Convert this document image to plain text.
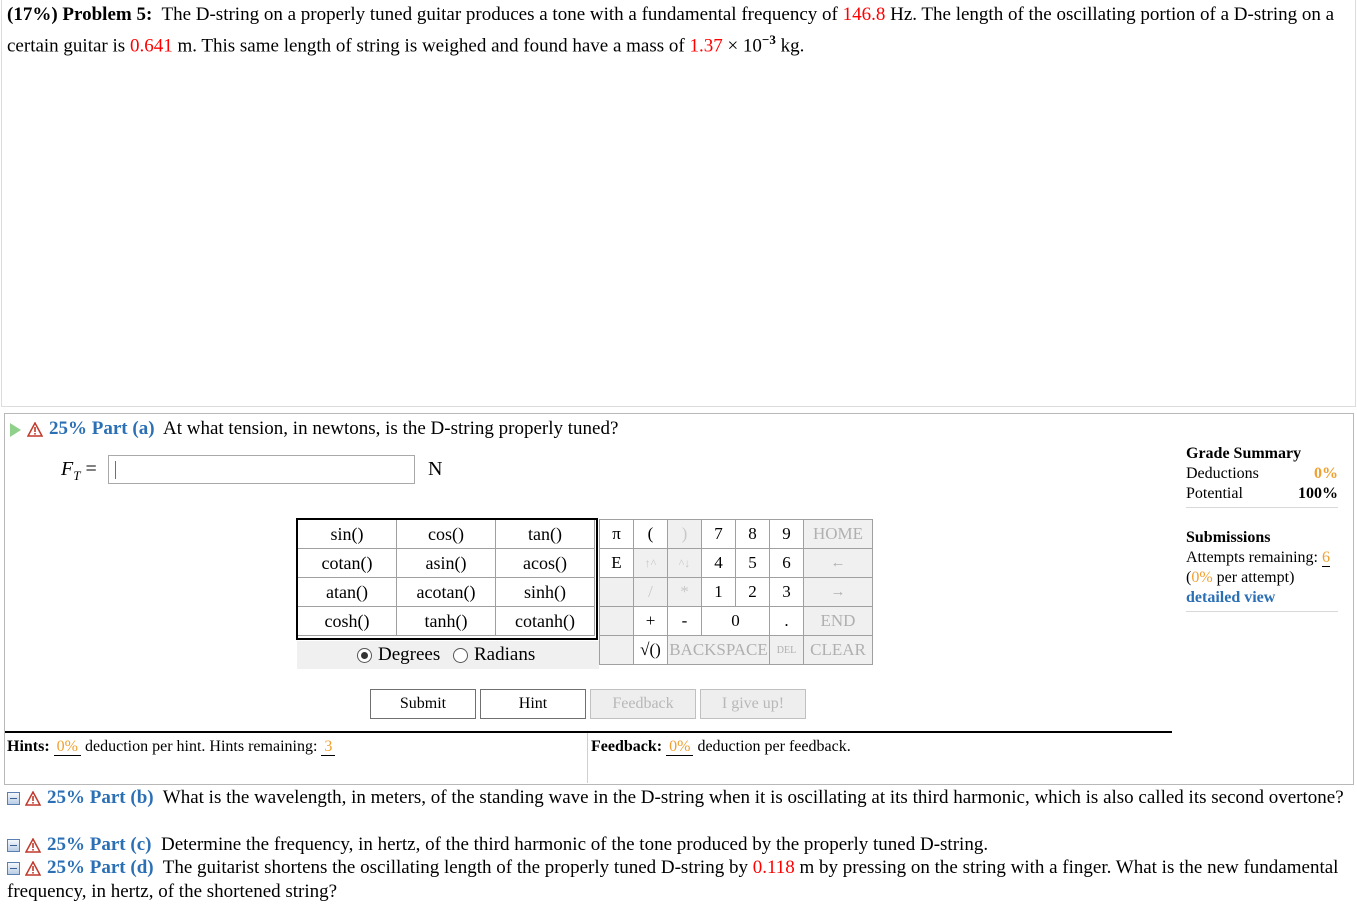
(17%) Problem 5: The D-string on a properly tuned guitar produces a tone with a fundamental frequency of 146.8 Hz. The length of the oscillating portion of a D-string on a certain guitar is 0.641 m. This same length of string is weighed and found have a mass of $1.37 \times 10^{-3}$ kg.
25% Part (a) At what tension, in newtons, is the D-string properly tuned?
$F_T$ =	N
sin()	cos()	tan()
cotan()	asin()	acos()
atan()	acotan()	sinh()
cosh()	tanh()	cotanh()
Degrees	Radians
π	(	)	7	8	9	HOME
E	↑^	^↓	4	5	6	←
	/	*	1	2	3	→
	+	-	0		.	END
	√()	BACKSPACE			DEL	CLEAR
Submit	Hint	Feedback	I give up!
Hints: 0% deduction per hint. Hints remaining: 3	Feedback: 0% deduction per feedback.
Grade Summary
Deductions	0%
Potential	100%
Submissions
Attempts remaining: 6
(0% per attempt)
detailed view
25% Part (b) What is the wavelength, in meters, of the standing wave in the D-string when it is oscillating at its third harmonic, which is also called its second overtone?
25% Part (c) Determine the frequency, in hertz, of the third harmonic of the tone produced by the properly tuned D-string.
25% Part (d) The guitarist shortens the oscillating length of the properly tuned D-string by 0.118 m by pressing on the string with a finger. What is the new fundamental frequency, in hertz, of the shortened string?
